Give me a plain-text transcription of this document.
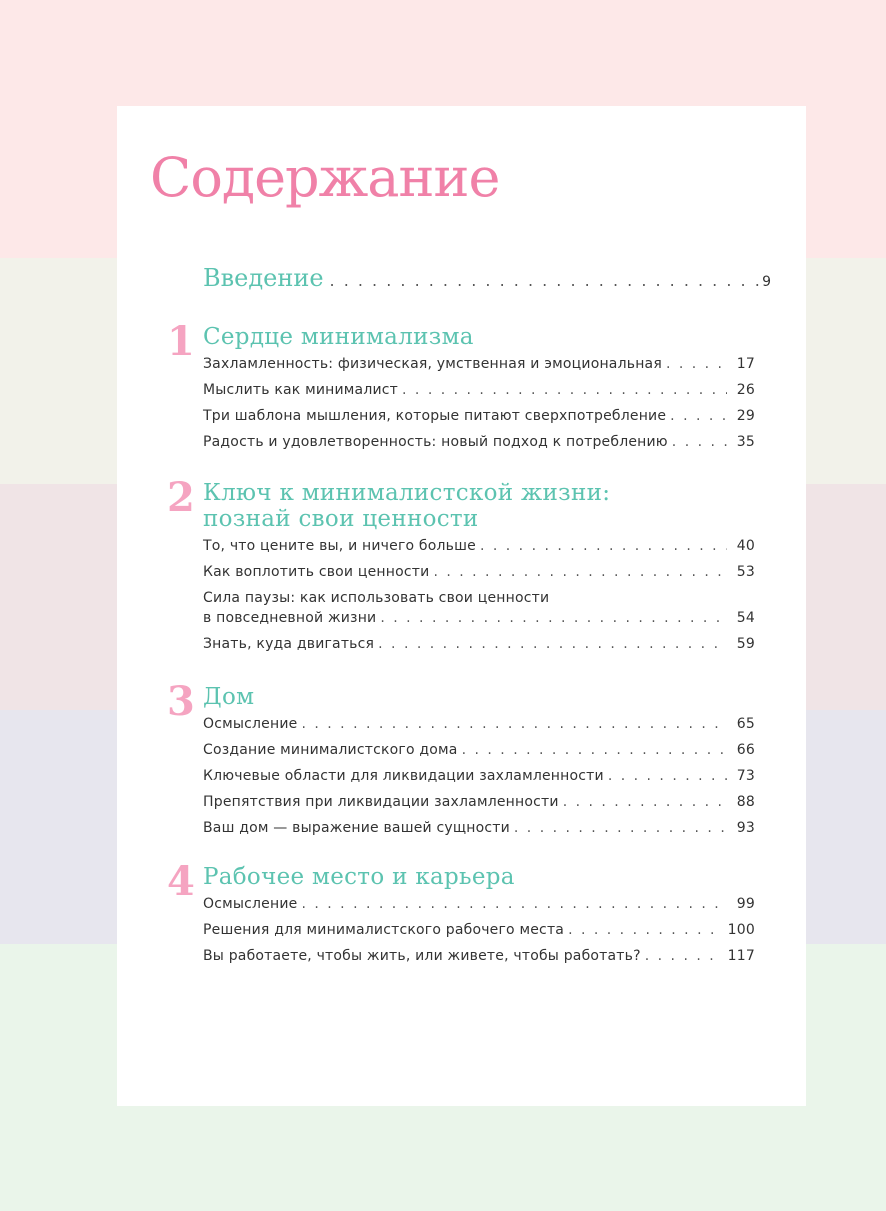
Содержание
Введение . . .	9
1 Сердце минимализма
Захламленность: физическая, умственная и эмоциональная . . .	17
Мыслить как минималист . . .	26
Три шаблона мышления, которые питают сверхпотребление . . .	29
Радость и удовлетворенность: новый подход к потреблению . . .	35
2 Ключ к минималистской жизни:
познай свои ценности
То, что цените вы, и ничего больше . . .	40
Как воплотить свои ценности . . .	53
Сила паузы: как использовать свои ценности
в повседневной жизни . . .	54
Знать, куда двигаться . . .	59
3 Дом
Осмысление . . .	65
Создание минималистского дома . . .	66
Ключевые области для ликвидации захламленности . . .	73
Препятствия при ликвидации захламленности . . .	88
Ваш дом — выражение вашей сущности . . .	93
4 Рабочее место и карьера
Осмысление . . .	99
Решения для минималистского рабочего места . . .	100
Вы работаете, чтобы жить, или живете, чтобы работать? . . .	117
